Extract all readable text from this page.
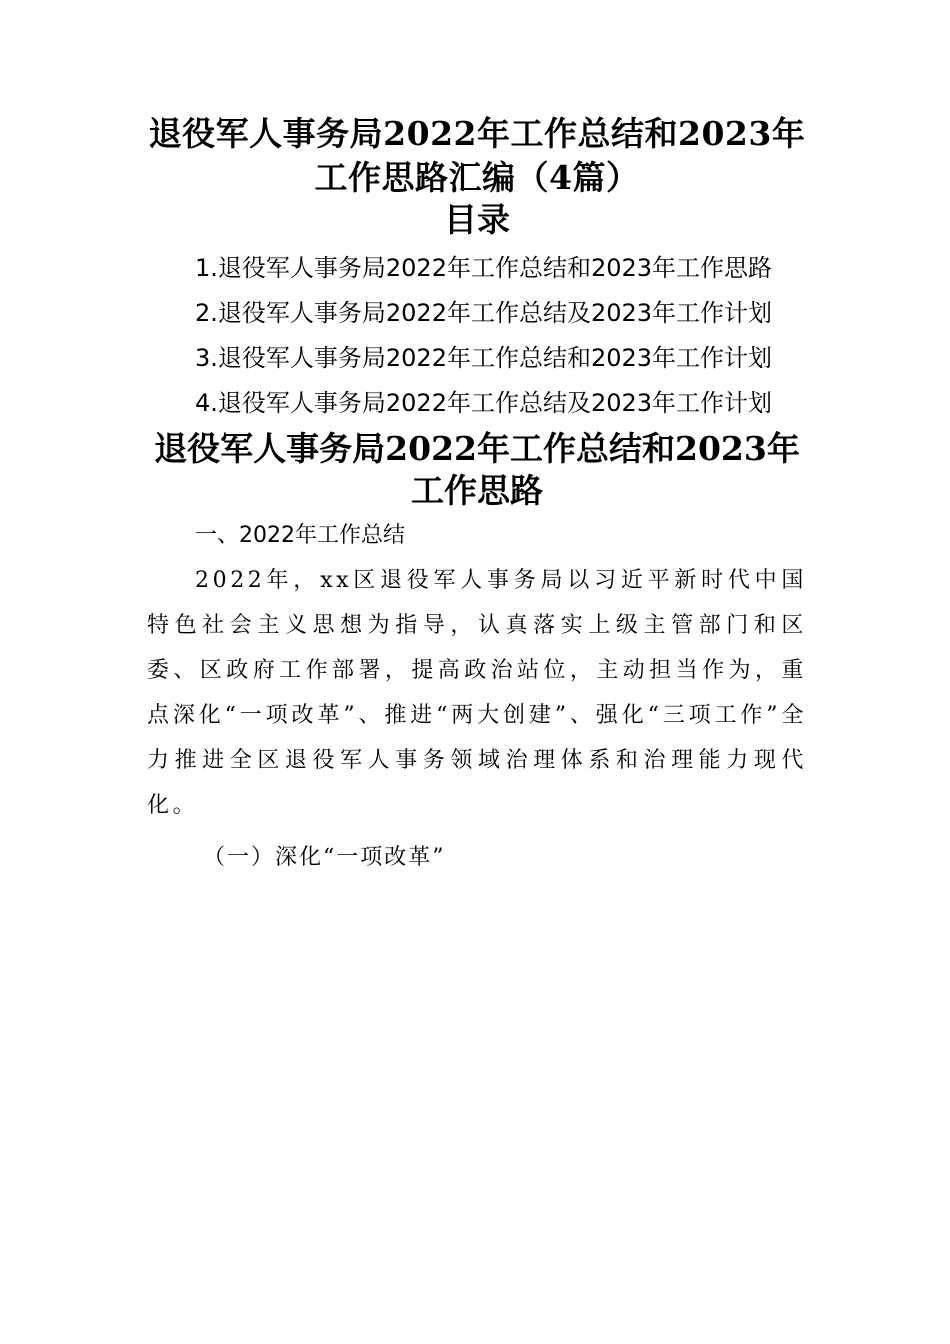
退役军人事务局2022年工作总结和2023年工作思路汇编（4篇）
目录
1.退役军人事务局2022年工作总结和2023年工作思路
2.退役军人事务局2022年工作总结及2023年工作计划
3.退役军人事务局2022年工作总结和2023年工作计划
4.退役军人事务局2022年工作总结及2023年工作计划
退役军人事务局2022年工作总结和2023年工作思路

一、2022年工作总结

2022年，xx区退役军人事务局以习近平新时代中国特色社会主义思想为指导，认真落实上级主管部门和区委、区政府工作部署，提高政治站位，主动担当作为，重点深化“一项改革”、推进“两大创建”、强化“三项工作”全力推进全区退役军人事务领域治理体系和治理能力现代化。

（一）深化“一项改革”
